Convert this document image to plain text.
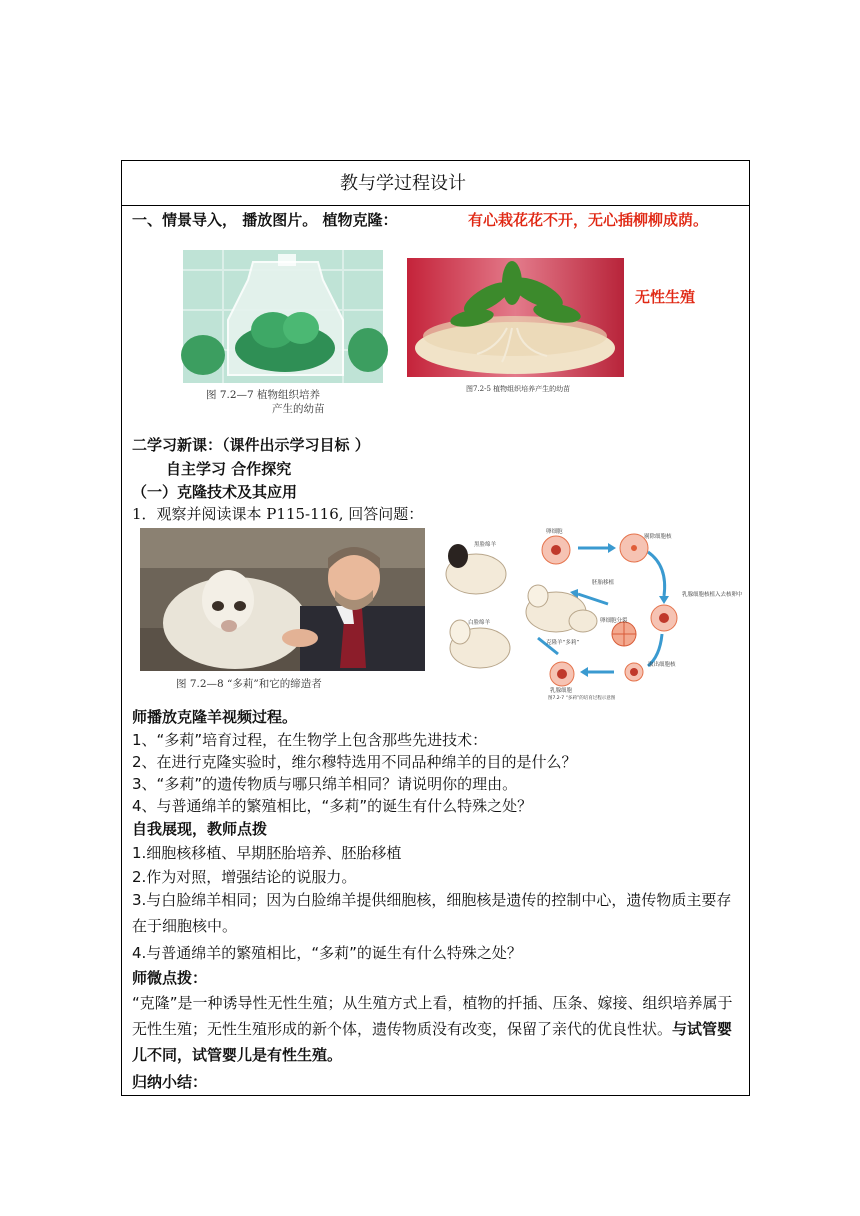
教与学过程设计
一、情景导入， 播放图片。 植物克隆：	有心栽花花不开，无心插柳柳成荫。
图 7.2—7 植物组织培养
产生的幼苗
图7.2-5 植物组织培养产生的幼苗
无性生殖
二学习新课：（课件出示学习目标 ）
自主学习 合作探究
（一）克隆技术及其应用
1．观察并阅读课本 P115-116, 回答问题：
图 7.2—8 “多莉”和它的缔造者
黑脸绵羊
卵细胞
剔除细胞核
胚胎移植
乳腺细胞核植入去核卵中
卵细胞分裂
白脸绵羊
克隆羊“多莉”
乳腺细胞
取出细胞核
图7.2-7 “多莉”的培育过程示意图
师播放克隆羊视频过程。
1、“多莉”培育过程，在生物学上包含那些先进技术：
2、在进行克隆实验时，维尔穆特选用不同品种绵羊的目的是什么？
3、“多莉”的遗传物质与哪只绵羊相同？请说明你的理由。
4、与普通绵羊的繁殖相比，“多莉”的诞生有什么特殊之处？
自我展现，教师点拨
1.细胞核移植、早期胚胎培养、胚胎移植
2.作为对照，增强结论的说服力。
3.与白脸绵羊相同；因为白脸绵羊提供细胞核，细胞核是遗传的控制中心，遗传物质主要存在于细胞核中。
4.与普通绵羊的繁殖相比，“多莉”的诞生有什么特殊之处？
师微点拨：
“克隆”是一种诱导性无性生殖；从生殖方式上看，植物的扦插、压条、嫁接、组织培养属于无性生殖；无性生殖形成的新个体，遗传物质没有改变，保留了亲代的优良性状。与试管婴儿不同，试管婴儿是有性生殖。
归纳小结：
